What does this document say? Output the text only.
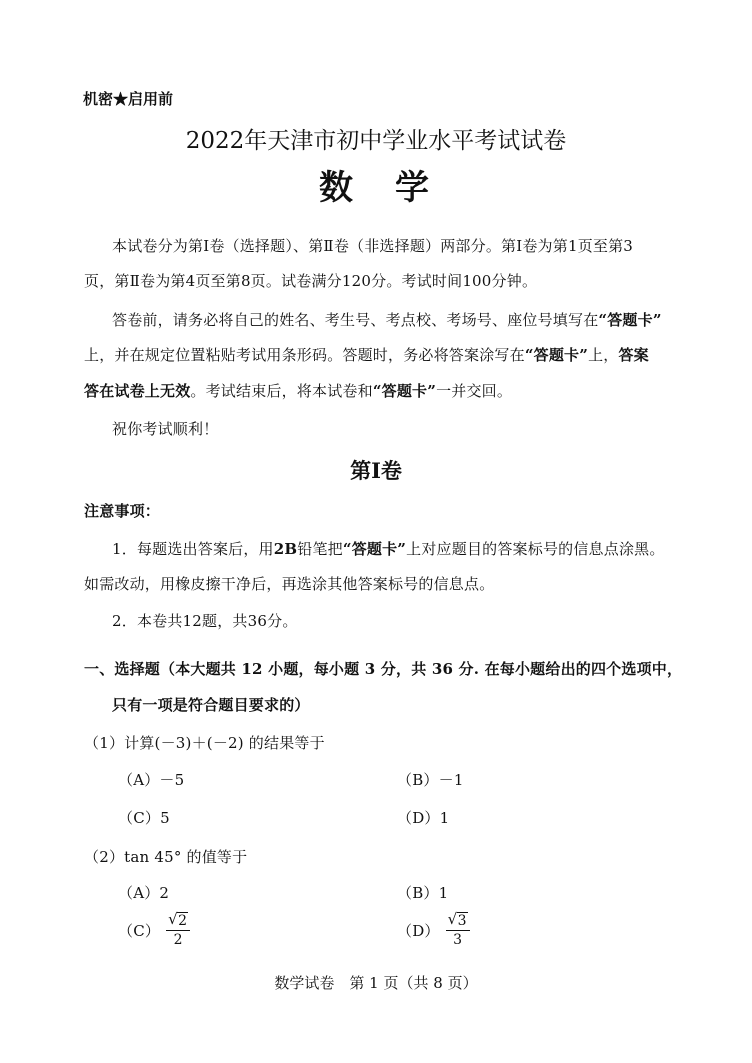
机密★启用前
2022年天津市初中学业水平考试试卷
数　学
本试卷分为第Ⅰ卷（选择题）、第Ⅱ卷（非选择题）两部分。第Ⅰ卷为第1页至第3
页，第Ⅱ卷为第4页至第8页。试卷满分120分。考试时间100分钟。
答卷前，请务必将自己的姓名、考生号、考点校、考场号、座位号填写在“答题卡”
上，并在规定位置粘贴考试用条形码。答题时，务必将答案涂写在“答题卡”上，答案
答在试卷上无效。考试结束后，将本试卷和“答题卡”一并交回。
祝你考试顺利！
第Ⅰ卷
注意事项：
1．每题选出答案后，用2B铅笔把“答题卡”上对应题目的答案标号的信息点涂黑。
如需改动，用橡皮擦干净后，再选涂其他答案标号的信息点。
2．本卷共12题，共36分。
一、选择题（本大题共 12 小题，每小题 3 分，共 36 分. 在每小题给出的四个选项中，
只有一项是符合题目要求的）
（1）计算(－3)＋(－2) 的结果等于
（A）－5	（B）－1
（C）5	（D）1
（2）tan 45° 的值等于
（A）2	（B）1
$(C) \frac{√ 2}{2}$	$(D) \frac{√ 3}{3}$
数学试卷　第 1 页（共 8 页）
